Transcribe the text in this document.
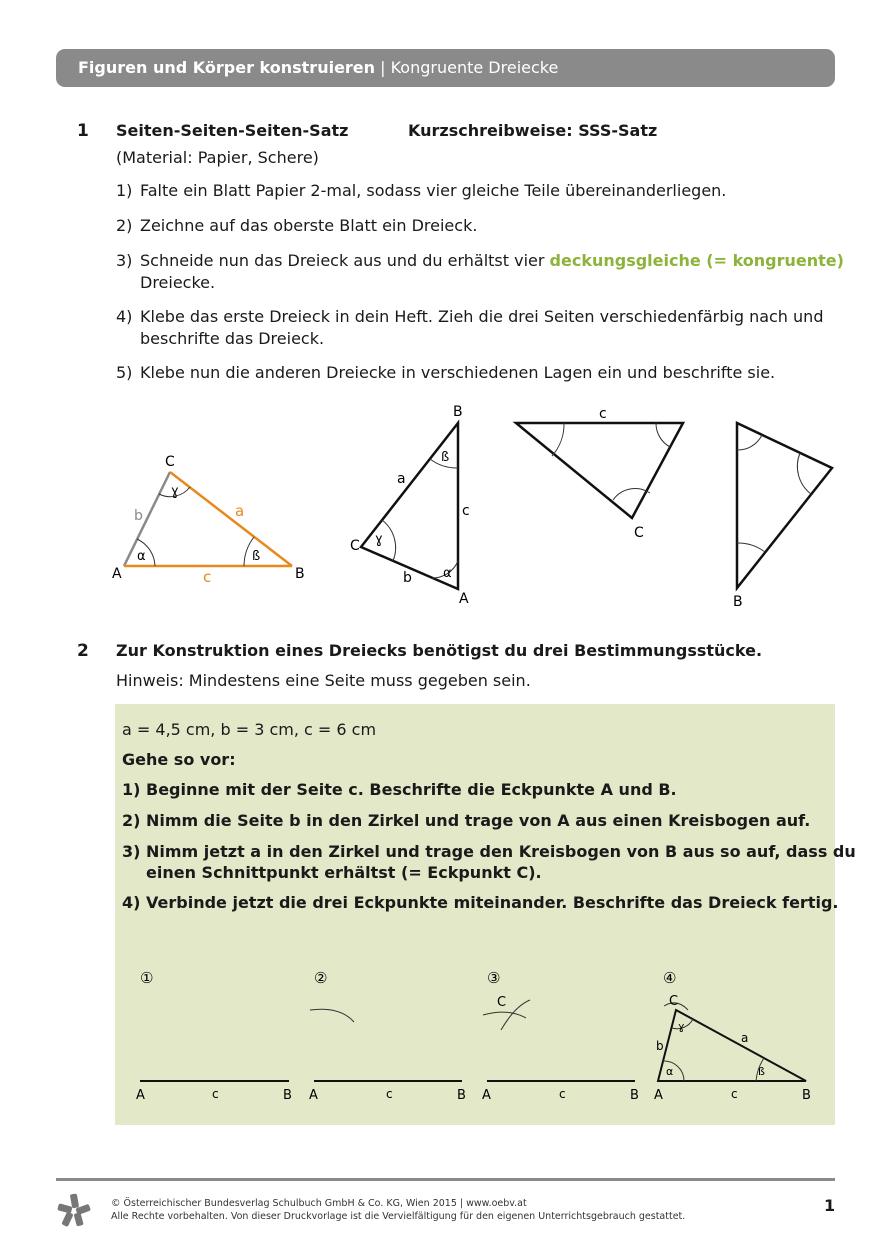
Figuren und Körper konstruieren | Kongruente Dreiecke
1 Seiten-Seiten-Seiten-Satz	Kurzschreibweise: SSS-Satz
(Material: Papier, Schere)
1) Falte ein Blatt Papier 2-mal, sodass vier gleiche Teile übereinanderliegen.
2) Zeichne auf das oberste Blatt ein Dreieck.
3) Schneide nun das Dreieck aus und du erhältst vier deckungsgleiche (= kongruente)
Dreiecke.
4) Klebe das erste Dreieck in dein Heft. Zieh die drei Seiten verschiedenfärbig nach und
beschrifte das Dreieck.
5) Klebe nun die anderen Dreiecke in verschiedenen Lagen ein und beschrifte sie.
A	B
C
a
b
c
α	ß
ɣ
B
A
C
a
b
c
ß
α
ɣ
c
C
B
2 Zur Konstruktion eines Dreiecks benötigst du drei Bestimmungsstücke.
Hinweis: Mindestens eine Seite muss gegeben sein.
a = 4,5 cm, b = 3 cm, c = 6 cm
Gehe so vor:
1) Beginne mit der Seite c. Beschrifte die Eckpunkte A und B.
2) Nimm die Seite b in den Zirkel und trage von A aus einen Kreisbogen auf.
3) Nimm jetzt a in den Zirkel und trage den Kreisbogen von B aus so auf, dass du
einen Schnittpunkt erhältst (= Eckpunkt C).
4) Verbinde jetzt die drei Eckpunkte miteinander. Beschrifte das Dreieck fertig.
①
A	c	B
②
A	c	B
③
C
A	c	B
④
C
a
b
c
A	B
α	ß
ɣ
© Österreichischer Bundesverlag Schulbuch GmbH & Co. KG, Wien 2015 | www.oebv.at
Alle Rechte vorbehalten. Von dieser Druckvorlage ist die Vervielfältigung für den eigenen Unterrichtsgebrauch gestattet.
1
